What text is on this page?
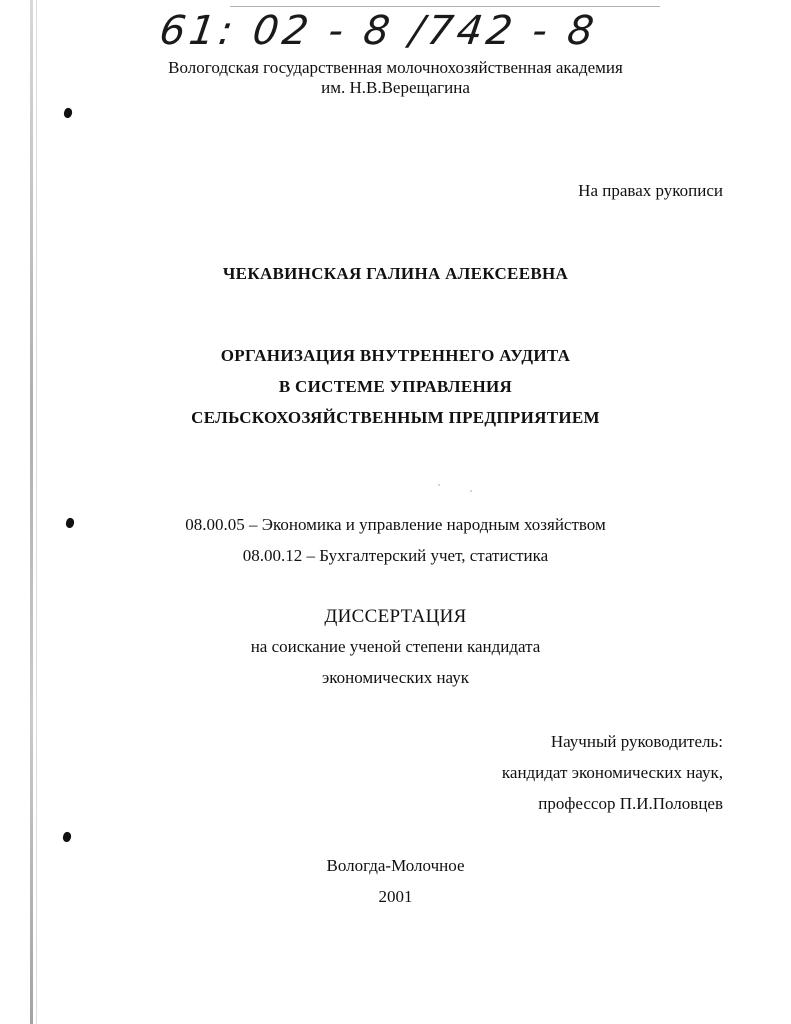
61: 02 - 8 /742 - 8
Вологодская государственная молочнохозяйственная академия
им. Н.В.Верещагина
На правах рукописи
ЧЕКАВИНСКАЯ ГАЛИНА АЛЕКСЕЕВНА
ОРГАНИЗАЦИЯ ВНУТРЕННЕГО АУДИТА
В СИСТЕМЕ УПРАВЛЕНИЯ
СЕЛЬСКОХОЗЯЙСТВЕННЫМ ПРЕДПРИЯТИЕМ
08.00.05 – Экономика и управление народным хозяйством
08.00.12 – Бухгалтерский учет, статистика
ДИССЕРТАЦИЯ
на соискание ученой степени кандидата
экономических наук
Научный руководитель:
кандидат экономических наук,
профессор П.И.Половцев
Вологда-Молочное
2001
